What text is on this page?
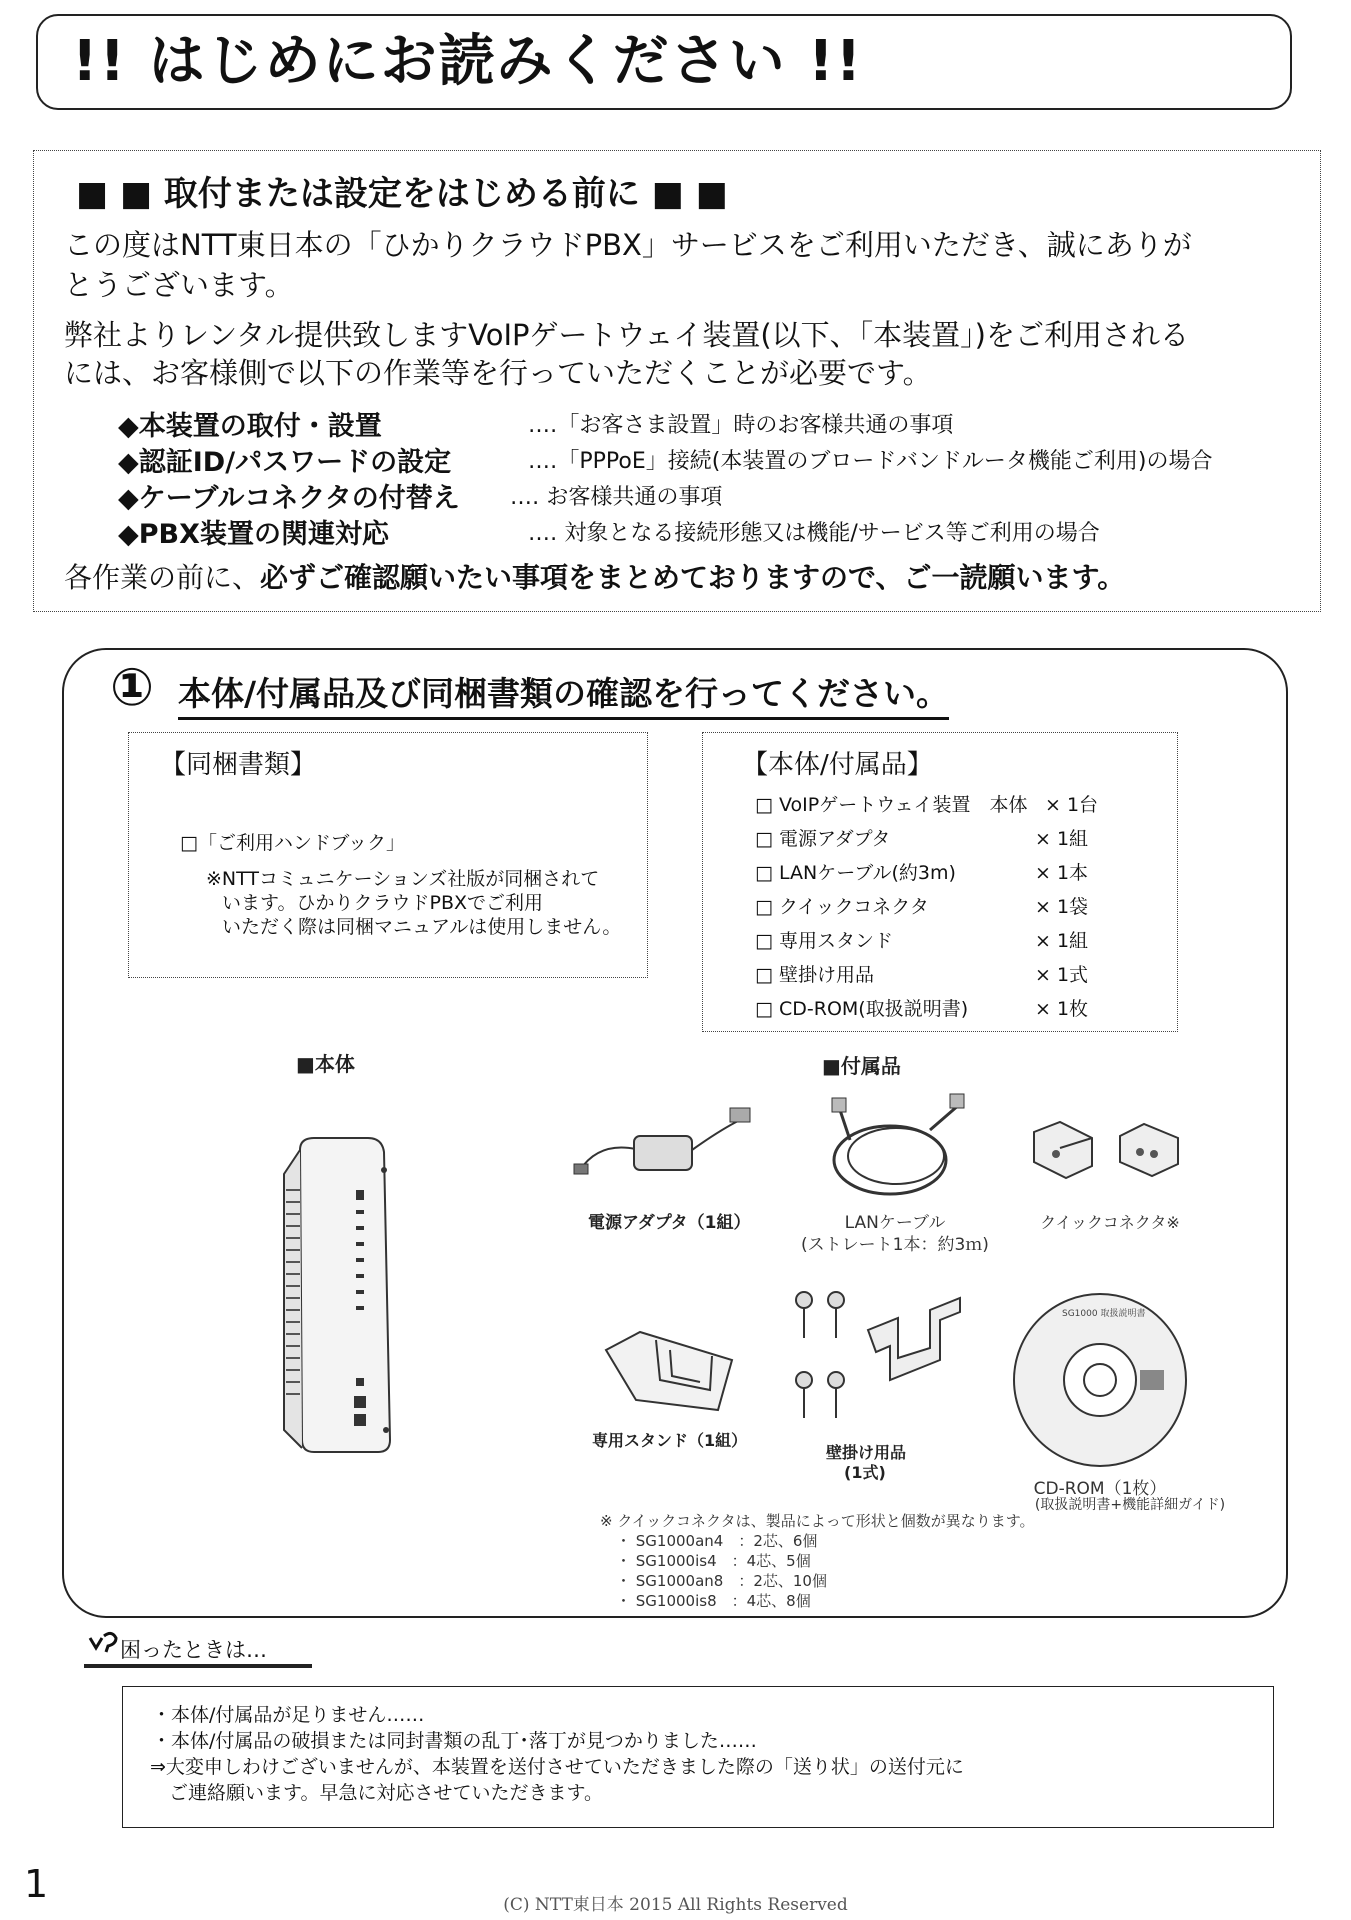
!! はじめにお読みください !!
■ ■ 取付または設定をはじめる前に ■ ■
この度はNTT東日本の「ひかりクラウドPBX」サービスをご利用いただき、誠にありが
とうございます。
弊社よりレンタル提供致しますVoIPゲートウェイ装置(以下、「本装置」)をご利用される
には、お客様側で以下の作業等を行っていただくことが必要です。
◆本装置の取付・設置	‥‥「お客さま設置」時のお客様共通の事項
◆認証ID/パスワードの設定	‥‥「PPPoE」接続(本装置のブロードバンドルータ機能ご利用)の場合
◆ケーブルコネクタの付替え ‥‥ お客様共通の事項
◆PBX装置の関連対応	‥‥ 対象となる接続形態又は機能/サービス等ご利用の場合
各作業の前に、必ずご確認願いたい事項をまとめておりますので、ご一読願います。
① 本体/付属品及び同梱書類の確認を行ってください。
【同梱書類】
□「ご利用ハンドブック」
※NTTコミュニケーションズ社版が同梱されて
います。ひかりクラウドPBXでご利用
いただく際は同梱マニュアルは使用しません。
【本体/付属品】
□ VoIPゲートウェイ装置　本体 × 1台
□ 電源アダプタ	× 1組
□ LANケーブル(約3m)	× 1本
□ クイックコネクタ	× 1袋
□ 専用スタンド	× 1組
□ 壁掛け用品	× 1式
□ CD-ROM(取扱説明書)	× 1枚
■本体	■付属品
電源アダプタ（1組）	LANケーブル
(ストレート1本：約3ｍ)
クイックコネクタ※
専用スタンド（1組）
壁掛け用品
(1式)
SG1000 取扱説明書
CD-ROM（1枚）
(取扱説明書+機能詳細ガイド)
※ クイックコネクタは、製品によって形状と個数が異なります。
・ SG1000an4　：2芯、6個
・ SG1000is4　：4芯、5個
・ SG1000an8　：2芯、10個
・ SG1000is8　：4芯、8個
困ったときは…
・本体/付属品が足りません……
・本体/付属品の破損または同封書類の乱丁･落丁が見つかりました……
⇒大変申しわけございませんが、本装置を送付させていただきました際の「送り状」の送付元に
　ご連絡願います。早急に対応させていただきます。
1	(C) NTT東日本 2015 All Rights Reserved
